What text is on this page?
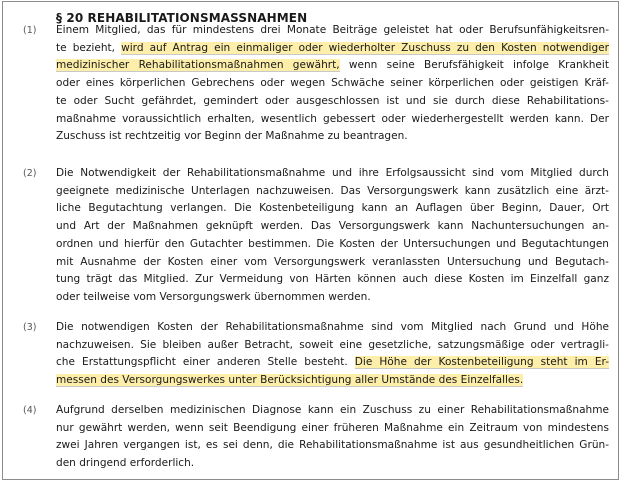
§ 20 REHABILITATIONSMASSNAHMEN
(1) Einem Mitglied, das für mindestens drei Monate Beiträge geleistet hat oder Berufsunfähigkeitsren-
te bezieht, wird auf Antrag ein einmaliger oder wiederholter Zuschuss zu den Kosten notwendiger
medizinischer Rehabilitationsmaßnahmen gewährt, wenn seine Berufsfähigkeit infolge Krankheit
oder eines körperlichen Gebrechens oder wegen Schwäche seiner körperlichen oder geistigen Kräf-
te oder Sucht gefährdet, gemindert oder ausgeschlossen ist und sie durch diese Rehabilitations-
maßnahme voraussichtlich erhalten, wesentlich gebessert oder wiederhergestellt werden kann. Der
Zuschuss ist rechtzeitig vor Beginn der Maßnahme zu beantragen.
(2) Die Notwendigkeit der Rehabilitationsmaßnahme und ihre Erfolgsaussicht sind vom Mitglied durch
geeignete medizinische Unterlagen nachzuweisen. Das Versorgungswerk kann zusätzlich eine ärzt-
liche Begutachtung verlangen. Die Kostenbeteiligung kann an Auflagen über Beginn, Dauer, Ort
und Art der Maßnahmen geknüpft werden. Das Versorgungswerk kann Nachuntersuchungen an-
ordnen und hierfür den Gutachter bestimmen. Die Kosten der Untersuchungen und Begutachtungen
mit Ausnahme der Kosten einer vom Versorgungswerk veranlassten Untersuchung und Begutach-
tung trägt das Mitglied. Zur Vermeidung von Härten können auch diese Kosten im Einzelfall ganz
oder teilweise vom Versorgungswerk übernommen werden.
(3) Die notwendigen Kosten der Rehabilitationsmaßnahme sind vom Mitglied nach Grund und Höhe
nachzuweisen. Sie bleiben außer Betracht, soweit eine gesetzliche, satzungsmäßige oder vertragli-
che Erstattungspflicht einer anderen Stelle besteht. Die Höhe der Kostenbeteiligung steht im Er-
messen des Versorgungswerkes unter Berücksichtigung aller Umstände des Einzelfalles.
(4) Aufgrund derselben medizinischen Diagnose kann ein Zuschuss zu einer Rehabilitationsmaßnahme
nur gewährt werden, wenn seit Beendigung einer früheren Maßnahme ein Zeitraum von mindestens
zwei Jahren vergangen ist, es sei denn, die Rehabilitationsmaßnahme ist aus gesundheitlichen Grün-
den dringend erforderlich.
